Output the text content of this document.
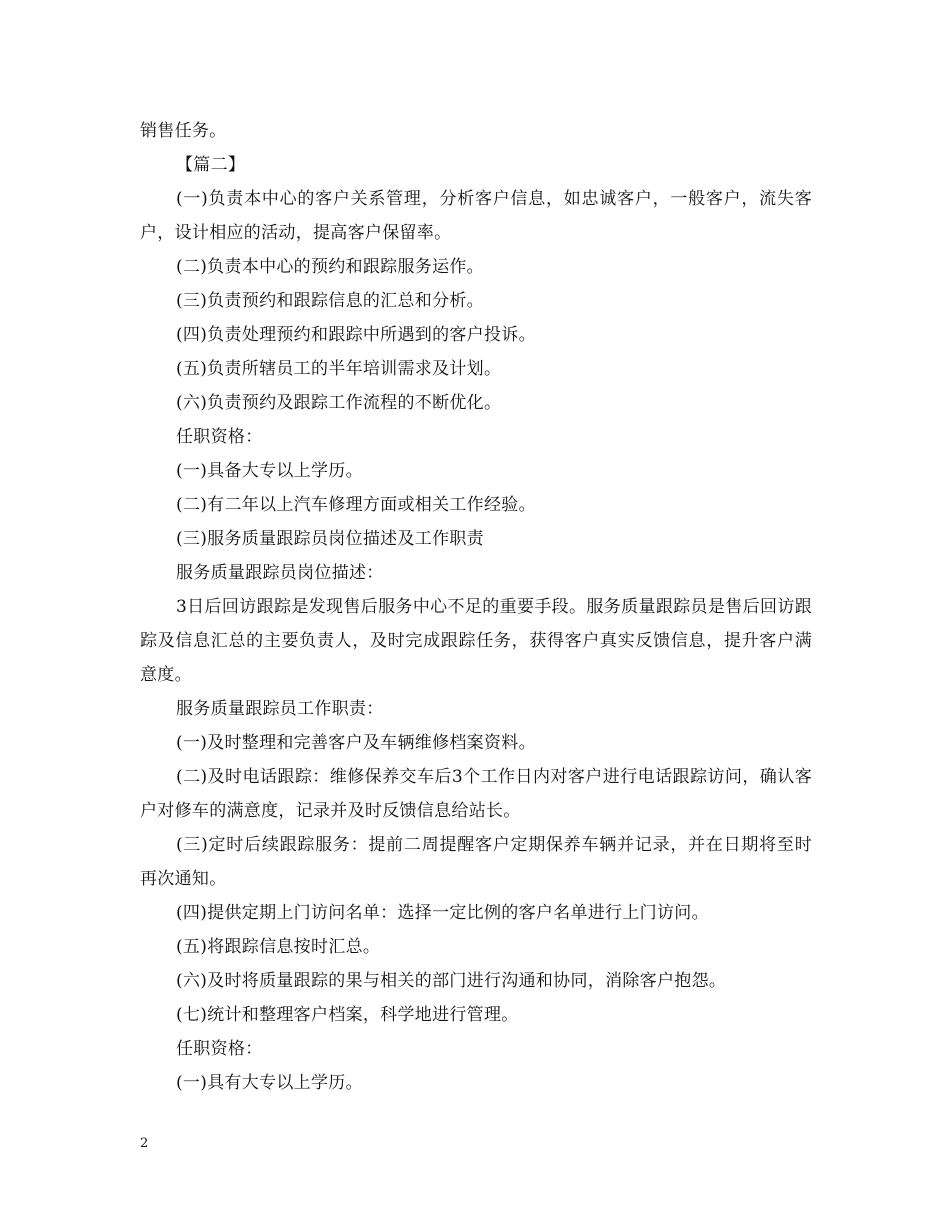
销售任务。

【篇二】

(一)负责本中心的客户关系管理，分析客户信息，如忠诚客户，一般客户，流失客户，设计相应的活动，提高客户保留率。

(二)负责本中心的预约和跟踪服务运作。

(三)负责预约和跟踪信息的汇总和分析。

(四)负责处理预约和跟踪中所遇到的客户投诉。

(五)负责所辖员工的半年培训需求及计划。

(六)负责预约及跟踪工作流程的不断优化。

任职资格：

(一)具备大专以上学历。

(二)有二年以上汽车修理方面或相关工作经验。

(三)服务质量跟踪员岗位描述及工作职责

服务质量跟踪员岗位描述：

3日后回访跟踪是发现售后服务中心不足的重要手段。服务质量跟踪员是售后回访跟踪及信息汇总的主要负责人，及时完成跟踪任务，获得客户真实反馈信息，提升客户满意度。

服务质量跟踪员工作职责：

(一)及时整理和完善客户及车辆维修档案资料。

(二)及时电话跟踪：维修保养交车后3个工作日内对客户进行电话跟踪访问，确认客户对修车的满意度，记录并及时反馈信息给站长。

(三)定时后续跟踪服务：提前二周提醒客户定期保养车辆并记录，并在日期将至时再次通知。

(四)提供定期上门访问名单：选择一定比例的客户名单进行上门访问。

(五)将跟踪信息按时汇总。

(六)及时将质量跟踪的果与相关的部门进行沟通和协同，消除客户抱怨。

(七)统计和整理客户档案，科学地进行管理。

任职资格：

(一)具有大专以上学历。

2
